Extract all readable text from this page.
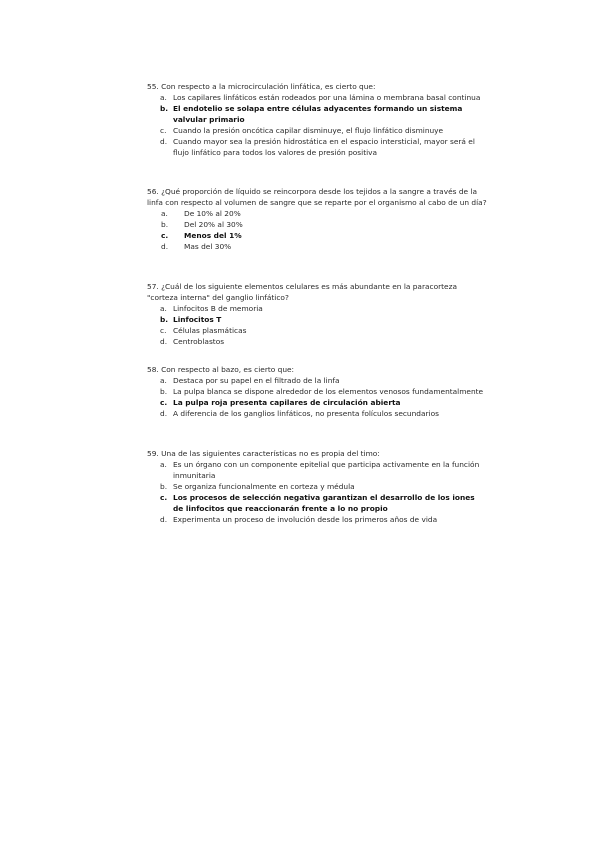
55. Con respecto a la microcirculación linfática, es cierto que:

a. Los capilares linfáticos están rodeados por una lámina o membrana basal continua
b. El endotelio se solapa entre células adyacentes formando un sistema valvular primario
c. Cuando la presión oncótica capilar disminuye, el flujo linfático disminuye
d. Cuando mayor sea la presión hidrostática en el espacio intersticial, mayor será el flujo linfático para todos los valores de presión positiva

56. ¿Qué proporción de líquido se reincorpora desde los tejidos a la sangre a través de la linfa con respecto al volumen de sangre que se reparte por el organismo al cabo de un día?

a. De 10% al 20%
b. Del 20% al 30%
c. Menos del 1%
d. Mas del 30%

57. ¿Cuál de los siguiente elementos celulares es más abundante en la paracorteza "corteza interna" del ganglio linfático?

a. Linfocitos B de memoria
b. Linfocitos T
c. Células plasmáticas
d. Centroblastos

58. Con respecto al bazo, es cierto que:

a. Destaca por su papel en el filtrado de la linfa
b. La pulpa blanca se dispone alrededor de los elementos venosos fundamentalmente
c. La pulpa roja presenta capilares de circulación abierta
d. A diferencia de los ganglios linfáticos, no presenta folículos secundarios

59. Una de las siguientes características no es propia del timo:

a. Es un órgano con un componente epitelial que participa activamente en la función inmunitaria
b. Se organiza funcionalmente en corteza y médula
c. Los procesos de selección negativa garantizan el desarrollo de los iones de linfocitos que reaccionarán frente a lo no propio
d. Experimenta un proceso de involución desde los primeros años de vida
